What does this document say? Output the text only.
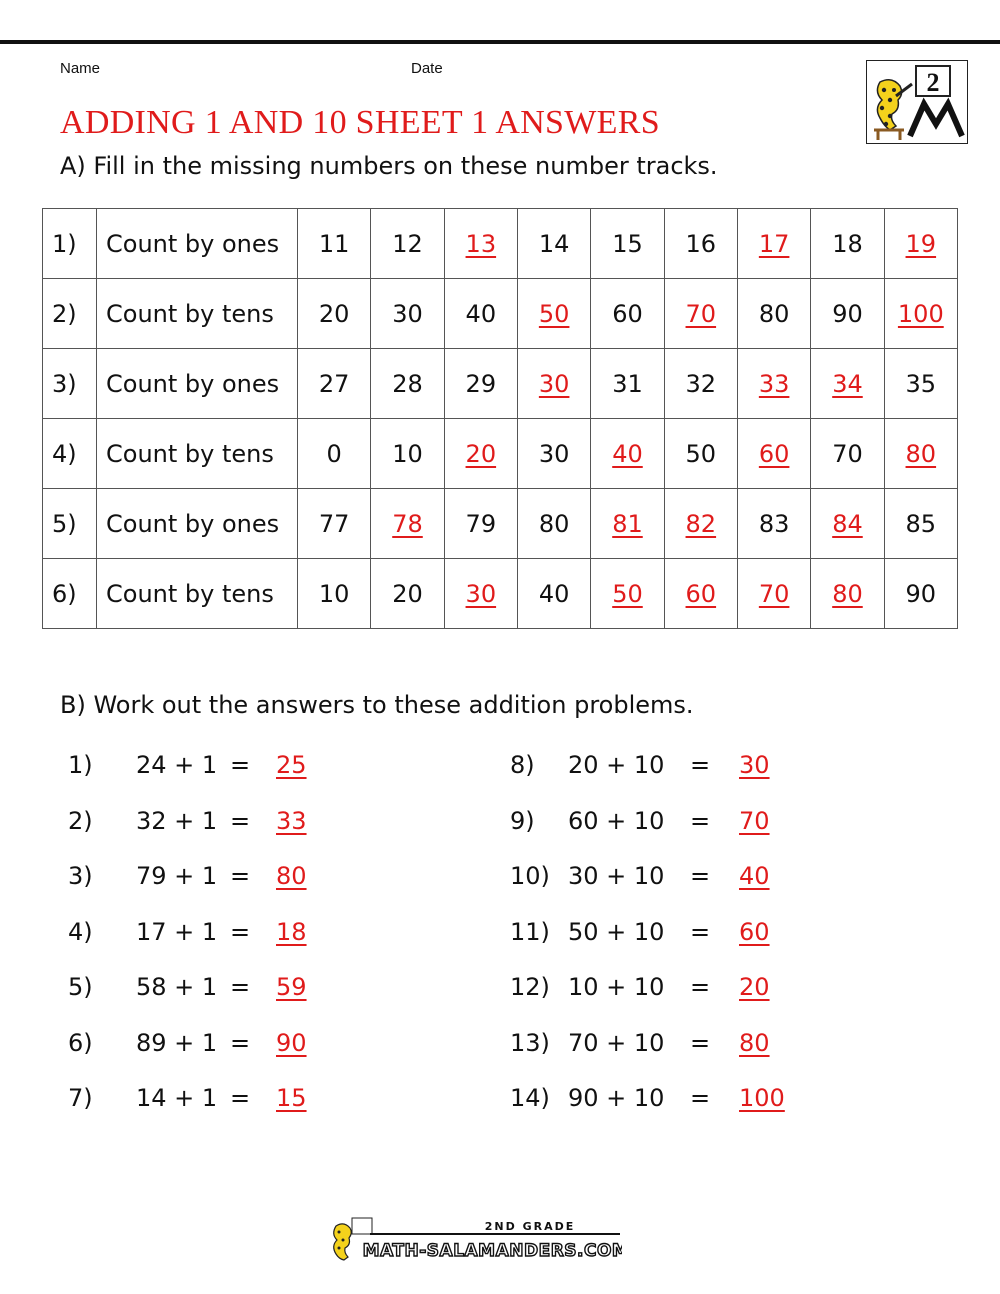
Name	Date
ADDING 1 AND 10 SHEET 1 ANSWERS
2
A) Fill in the missing numbers on these number tracks.
1)	Count by ones	11	12	13	14	15	16	17	18	19
2)	Count by tens	20	30	40	50	60	70	80	90	100
3)	Count by ones	27	28	29	30	31	32	33	34	35
4)	Count by tens	0	10	20	30	40	50	60	70	80
5)	Count by ones	77	78	79	80	81	82	83	84	85
6)	Count by tens	10	20	30	40	50	60	70	80	90
B) Work out the answers to these addition problems.
1) 24 + 1 = 25
2) 32 + 1 = 33
3) 79 + 1 = 80
4) 17 + 1 = 18
5) 58 + 1 = 59
6) 89 + 1 = 90
7) 14 + 1 = 15
8) 20 + 10 = 30
9) 60 + 10 = 70
10) 30 + 10 = 40
11) 50 + 10 = 60
12) 10 + 10 = 20
13) 70 + 10 = 80
14) 90 + 10 = 100
2ND GRADE
MATH-SALAMANDERS.COM
